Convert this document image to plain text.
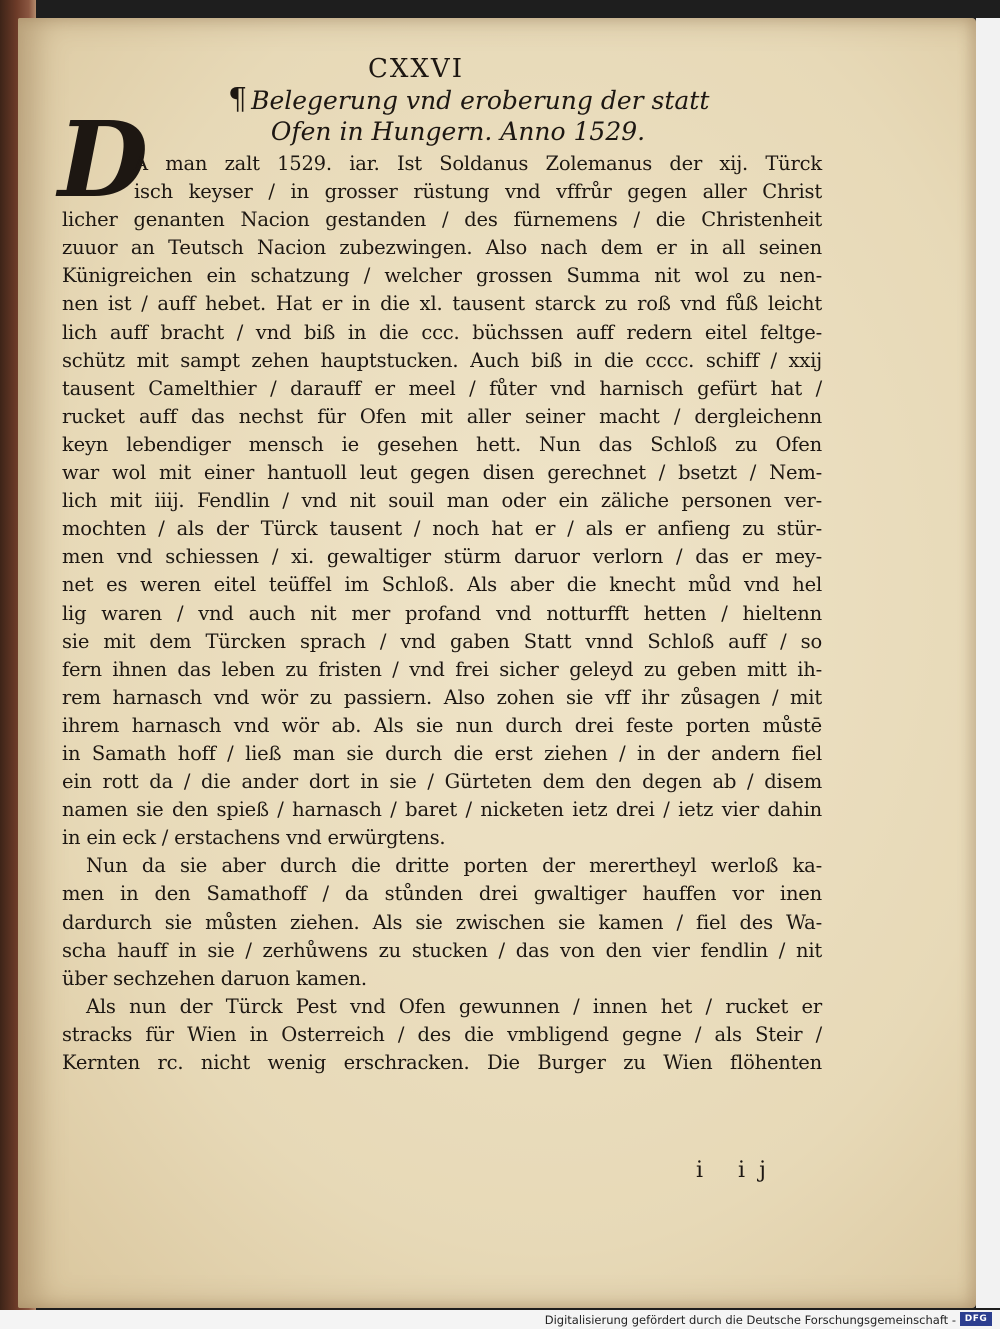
CXXVI
¶ Belegerung vnd eroberung der statt
Ofen in Hungern. Anno 1529.
D
A man zalt 1529. iar. Ist Soldanus Zolemanus der xij. Türck
isch keyser / in grosser rüstung vnd vffrůr gegen aller Christ
licher genanten Nacion gestanden / des fürnemens / die Christenheit
zuuor an Teutsch Nacion zubezwingen. Also nach dem er in all seinen
Künigreichen ein schatzung / welcher grossen Summa nit wol zu nen-
nen ist / auff hebet. Hat er in die xl. tausent starck zu roß vnd fůß leicht
lich auff bracht / vnd biß in die ccc. büchssen auff redern eitel feltge-
schütz mit sampt zehen hauptstucken. Auch biß in die cccc. schiff / xxij
tausent Camelthier / darauff er meel / fůter vnd harnisch gefürt hat /
rucket auff das nechst für Ofen mit aller seiner macht / dergleichenn
keyn lebendiger mensch ie gesehen hett. Nun das Schloß zu Ofen
war wol mit einer hantuoll leut gegen disen gerechnet / bsetzt / Nem-
lich mit iiij. Fendlin / vnd nit souil man oder ein zäliche personen ver-
mochten / als der Türck tausent / noch hat er / als er anfieng zu stür-
men vnd schiessen / xi. gewaltiger stürm daruor verlorn / das er mey-
net es weren eitel teüffel im Schloß. Als aber die knecht můd vnd hel
lig waren / vnd auch nit mer profand vnd notturfft hetten / hieltenn
sie mit dem Türcken sprach / vnd gaben Statt vnnd Schloß auff / so
fern ihnen das leben zu fristen / vnd frei sicher geleyd zu geben mitt ih-
rem harnasch vnd wör zu passiern. Also zohen sie vff ihr zůsagen / mit
ihrem harnasch vnd wör ab. Als sie nun durch drei feste porten můstē
in Samath hoff / ließ man sie durch die erst ziehen / in der andern fiel
ein rott da / die ander dort in sie / Gürteten dem den degen ab / disem
namen sie den spieß / harnasch / baret / nicketen ietz drei / ietz vier dahin
in ein eck / erstachens vnd erwürgtens.
Nun da sie aber durch die dritte porten der merertheyl werloß ka-
men in den Samathoff / da stůnden drei gwaltiger hauffen vor inen
dardurch sie můsten ziehen. Als sie zwischen sie kamen / fiel des Wa-
scha hauff in sie / zerhůwens zu stucken / das von den vier fendlin / nit
über sechzehen daruon kamen.
Als nun der Türck Pest vnd Ofen gewunnen / innen het / rucket er
stracks für Wien in Osterreich / des die vmbligend gegne / als Steir /
Kernten rc. nicht wenig erschracken. Die Burger zu Wien flöhenten
i ij
Digitalisierung gefördert durch die Deutsche Forschungsgemeinschaft - DFG
